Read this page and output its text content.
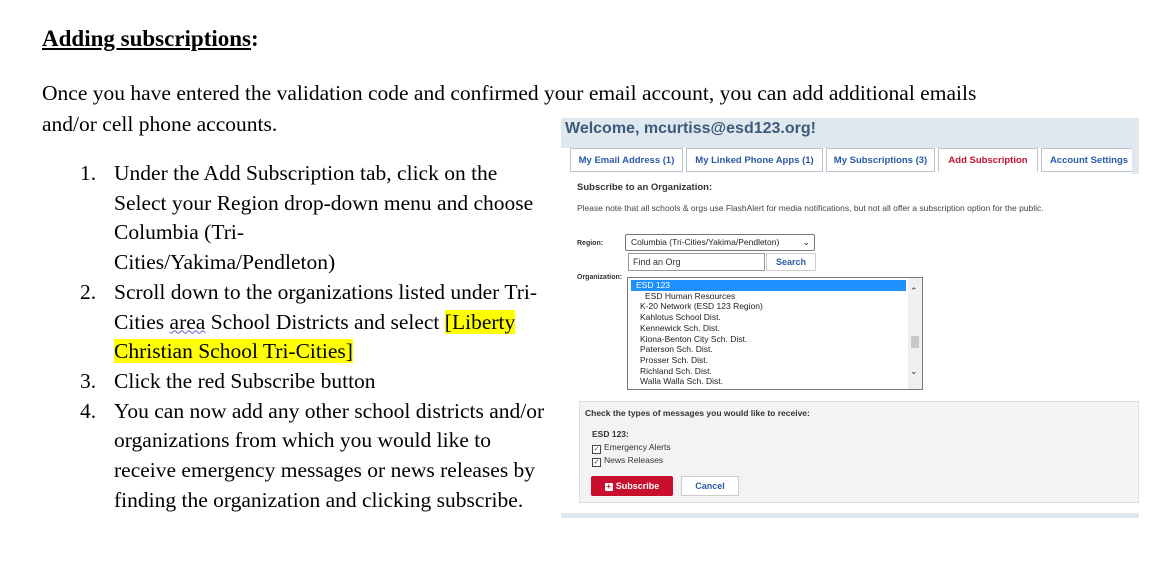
Adding subscriptions:

Once you have entered the validation code and confirmed your email account, you can add additional emails
and/or cell phone accounts.

1. Under the Add Subscription tab, click on the Select your Region drop-down menu and choose Columbia (Tri-
Cities/Yakima/Pendleton)
2. Scroll down to the organizations listed under Tri-Cities area School Districts and select [Liberty Christian School Tri-Cities]
3. Click the red Subscribe button
4. You can now add any other school districts and/or organizations from which you would like to receive emergency messages or news releases by finding the organization and clicking subscribe.
Welcome, mcurtiss@esd123.org!
My Email Address (1)	My Linked Phone Apps (1)	My Subscriptions (3)	Add Subscription	Account Settings
Subscribe to an Organization:
Please note that all schools & orgs use FlashAlert for media notifications, but not all offer a subscription option for the public.
Region:	Columbia (Tri-Cities/Yakima/Pendleton)	⌄
Find an Org	Search
Organization:
ESD 123
ESD Human Resources
K-20 Network (ESD 123 Region)
Kahlotus School Dist.
Kennewick Sch. Dist.
Kiona-Benton City Sch. Dist.
Paterson Sch. Dist.
Prosser Sch. Dist.
Richland Sch. Dist.
Walla Walla Sch. Dist.
⌃
⌄
Check the types of messages you would like to receive:
ESD 123:
✓ Emergency Alerts
✓ News Releases
+ Subscribe	Cancel
